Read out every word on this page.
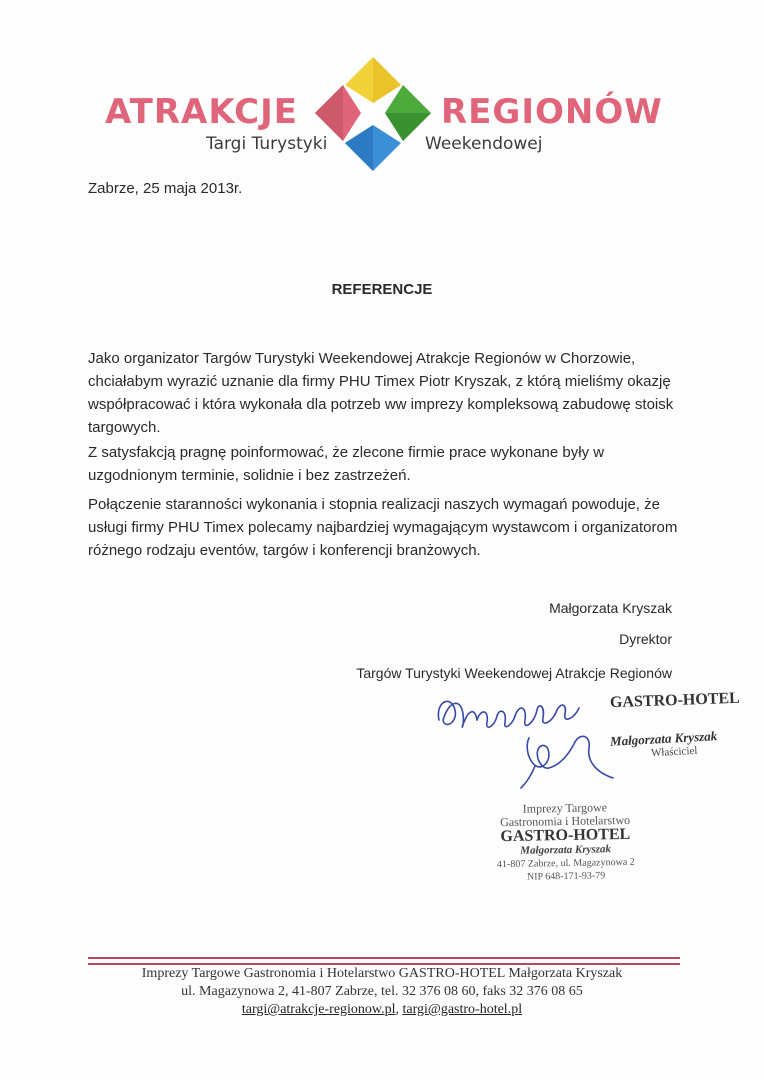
ATRAKCJE	REGIONÓW
Targi Turystyki	Weekendowej
Zabrze, 25 maja 2013r.
REFERENCJE
Jako organizator Targów Turystyki Weekendowej Atrakcje Regionów w Chorzowie, chciałabym wyrazić uznanie dla firmy PHU Timex Piotr Kryszak, z którą mieliśmy okazję współpracować i która wykonała dla potrzeb ww imprezy kompleksową zabudowę stoisk targowych.
Z satysfakcją pragnę poinformować, że zlecone firmie prace wykonane były w uzgodnionym terminie, solidnie i bez zastrzeżeń.
Połączenie staranności wykonania i stopnia realizacji naszych wymagań powoduje, że usługi firmy PHU Timex polecamy najbardziej wymagającym wystawcom i organizatorom różnego rodzaju eventów, targów i konferencji branżowych.
Małgorzata Kryszak
Dyrektor
Targów Turystyki Weekendowej Atrakcje Regionów
GASTRO-HOTEL
Małgorzata Kryszak
Właściciel
Imprezy Targowe
Gastronomia i Hotelarstwo
GASTRO-HOTEL
Małgorzata Kryszak
41-807 Zabrze, ul. Magazynowa 2
NIP 648-171-93-79
Imprezy Targowe Gastronomia i Hotelarstwo GASTRO-HOTEL Małgorzata Kryszak
ul. Magazynowa 2, 41-807 Zabrze, tel. 32 376 08 60, faks 32 376 08 65
targi@atrakcje-regionow.pl, targi@gastro-hotel.pl
